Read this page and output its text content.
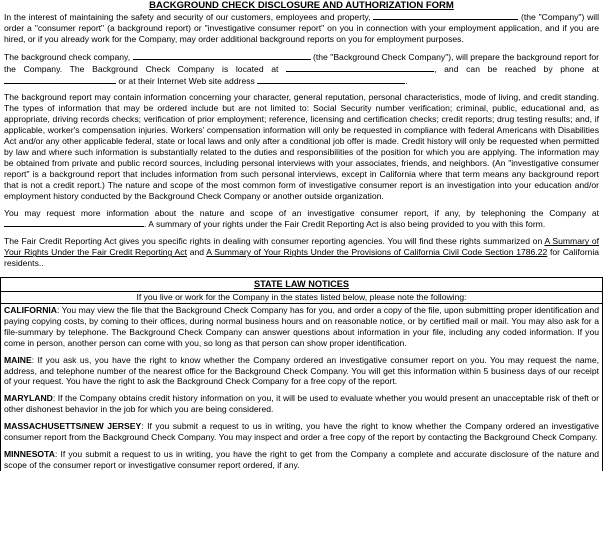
BACKGROUND CHECK DISCLOSURE AND AUTHORIZATION FORM
In the interest of maintaining the safety and security of our customers, employees and property,	(the "Company") will order a "consumer report" (a background report) or "investigative consumer report" on you in connection with your employment application, and if you are hired, or if you already work for the Company, may order additional background reports on you for employment purposes.
The background check company,	(the "Background Check Company"), will prepare the background report for the Company. The Background Check Company is located at	, and can be reached by phone at  or at their Internet Web site address	.
The background report may contain information concerning your character, general reputation, personal characteristics, mode of living, and credit standing. The types of information that may be ordered include but are not limited to: Social Security number verification; criminal, public, educational and, as appropriate, driving records checks; verification of prior employment; reference, licensing and certification checks; credit reports; drug testing results; and, if applicable, worker's compensation injuries. Workers' compensation information will only be requested in compliance with federal Americans with Disabilities Act and/or any other applicable federal, state or local laws and only after a conditional job offer is made. Credit history will only be requested when permitted by law and where such information is substantially related to the duties and responsibilities of the position for which you are applying. The information may be obtained from private and public record sources, including personal interviews with your associates, friends, and neighbors. (An "investigative consumer report" is a background report that includes information from such personal interviews, except in California where that term means any background report that is not a credit report.) The nature and scope of the most common form of investigative consumer report is an investigation into your education and/or employment history conducted by the Background Check Company or another outside organization.
You may request more information about the nature and scope of an investigative consumer report, if any, by telephoning the Company at . A summary of your rights under the Fair Credit Reporting Act is also being provided to you with this form.
The Fair Credit Reporting Act gives you specific rights in dealing with consumer reporting agencies. You will find these rights summarized on A Summary of Your Rights Under the Fair Credit Reporting Act and A Summary of Your Rights Under the Provisions of California Civil Code Section 1786.22 for California residents..
STATE LAW NOTICES
If you live or work for the Company in the states listed below, please note the following:
CALIFORNIA: You may view the file that the Background Check Company has for you, and order a copy of the file, upon submitting proper identification and paying copying costs, by coming to their offices, during normal business hours and on reasonable notice, or by certified mail or mail. You may also ask for a file-summary by telephone. The Background Check Company can answer questions about information in your file, including any coded information. If you come in person, another person can come with you, so long as that person can show proper identification.
MAINE: If you ask us, you have the right to know whether the Company ordered an investigative consumer report on you. You may request the name, address, and telephone number of the nearest office for the Background Check Company. You will get this information within 5 business days of our receipt of your request. You have the right to ask the Background Check Company for a free copy of the report.
MARYLAND: If the Company obtains credit history information on you, it will be used to evaluate whether you would present an unacceptable risk of theft or other dishonest behavior in the job for which you are being considered.
MASSACHUSETTS/NEW JERSEY: If you submit a request to us in writing, you have the right to know whether the Company ordered an investigative consumer report from the Background Check Company. You may inspect and order a free copy of the report by contacting the Background Check Company.
MINNESOTA: If you submit a request to us in writing, you have the right to get from the Company a complete and accurate disclosure of the nature and scope of the consumer report or investigative consumer report ordered, if any.
